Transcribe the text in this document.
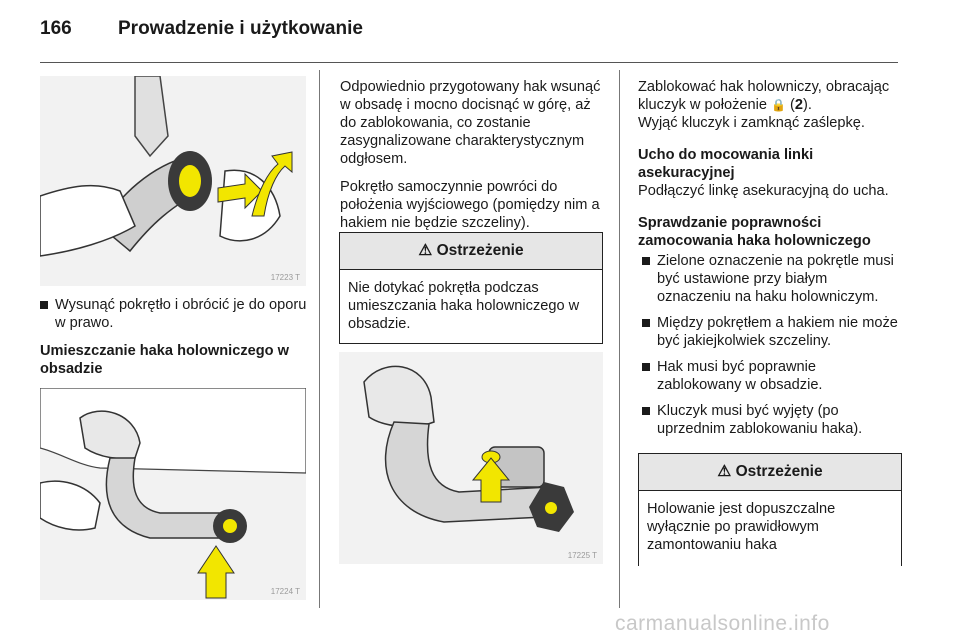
166 Prowadzenie i użytkowanie
17223 T
Wysunąć pokrętło i obrócić je do oporu w prawo.

Umieszczanie haka holowniczego w obsadzie

17224 T

Odpowiednio przygotowany hak wsunąć w obsadę i mocno docisnąć w górę, aż do zablokowania, co zostanie zasygnalizowane charakterystycznym odgłosem.

Pokrętło samoczynnie powróci do położenia wyjściowego (pomiędzy nim a hakiem nie będzie szczeliny).

⚠ Ostrzeżenie
Nie dotykać pokrętła podczas umieszczania haka holowniczego w obsadzie.
17225 T

Zablokować hak holowniczy, obracając kluczyk w położenie 🔒 (2).
Wyjąć kluczyk i zamknąć zaślepkę.

Ucho do mocowania linki asekuracyjnej

Podłączyć linkę asekuracyjną do ucha.

Sprawdzanie poprawności zamocowania haka holowniczego

Zielone oznaczenie na pokrętle musi być ustawione przy białym oznaczeniu na haku holowniczym.
Między pokrętłem a hakiem nie może być jakiejkolwiek szczeliny.
Hak musi być poprawnie zablokowany w obsadzie.
Kluczyk musi być wyjęty (po uprzednim zablokowaniu haka).
⚠ Ostrzeżenie
Holowanie jest dopuszczalne wyłącznie po prawidłowym zamontowaniu haka
carmanualsonline.info
